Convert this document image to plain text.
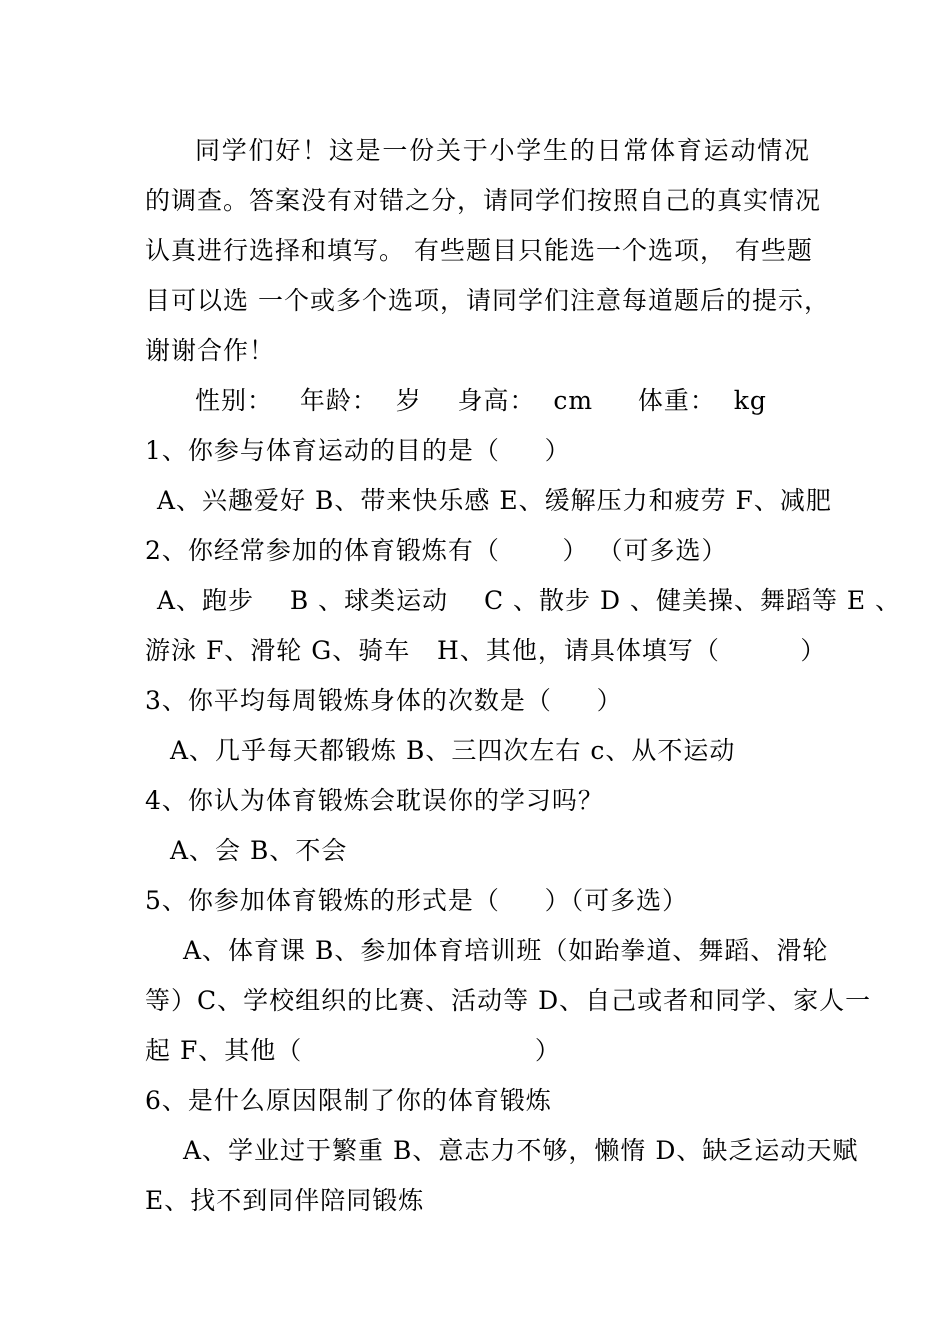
同学们好！这是一份关于小学生的日常体育运动情况
的调查。答案没有对错之分，请同学们按照自己的真实情况
认真进行选择和填写。 有些题目只能选一个选项， 有些题
目可以选 一个或多个选项，请同学们注意每道题后的提示，
谢谢合作！
性别：   年龄：  岁    身高：  cm     体重：  kg
1、你参与体育运动的目的是（     ）
A、兴趣爱好 B、带来快乐感 E、缓解压力和疲劳 F、减肥
2、你经常参加的体育锻炼有（       ） （可多选）
A、跑步    B 、球类运动    C 、散步 D 、健美操、舞蹈等 E 、
游泳 F、滑轮 G、骑车   H、其他，请具体填写（         ）
3、你平均每周锻炼身体的次数是（     ）
A、几乎每天都锻炼 B、三四次左右 c、从不运动
4、你认为体育锻炼会耽误你的学习吗？
A、会 B、不会
5、你参加体育锻炼的形式是（     ）（可多选）
A、体育课 B、参加体育培训班（如跆拳道、舞蹈、滑轮
等）C、学校组织的比赛、活动等 D、自己或者和同学、家人一
起 F、其他（                          ）
6、是什么原因限制了你的体育锻炼
A、学业过于繁重 B、意志力不够，懒惰 D、缺乏运动天赋
E、找不到同伴陪同锻炼
